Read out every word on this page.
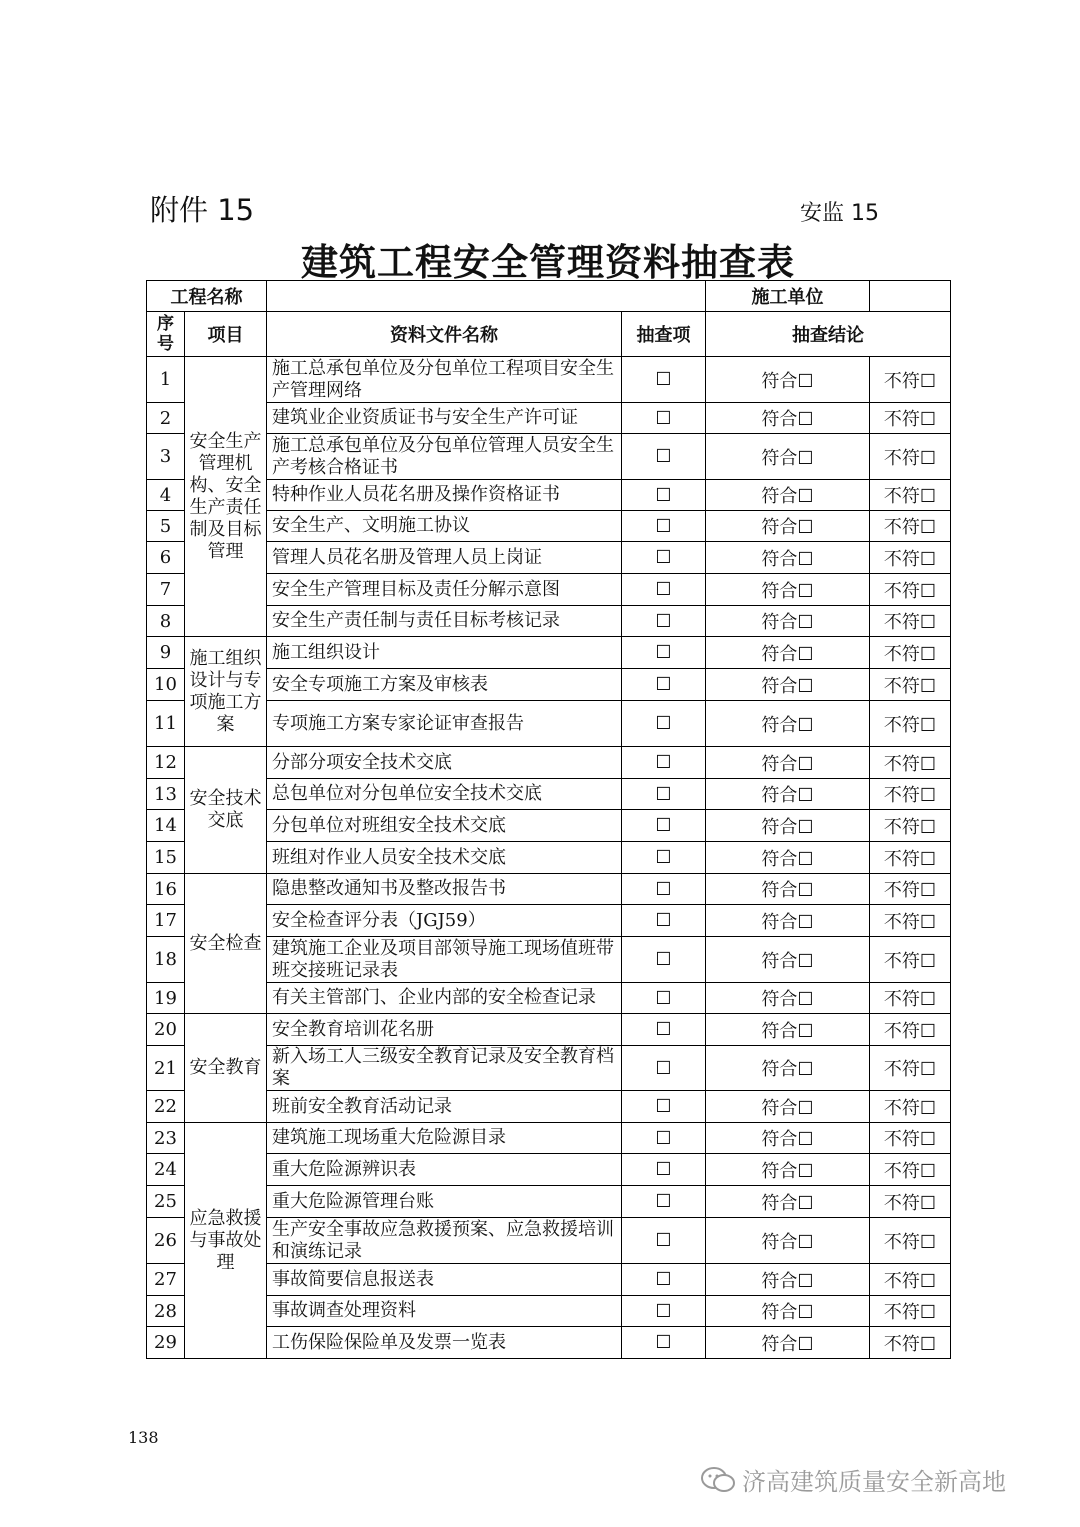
附件 15	安监 15
建筑工程安全管理资料抽查表
工程名称				施工单位	

序号	项目	资料文件名称	抽查项	抽查结论	
1	安全生产管理机构、安全生产责任制及目标管理	施工总承包单位及分包单位工程项目安全生产管理网络	☐	符合☐	不符☐
2		建筑业企业资质证书与安全生产许可证	☐	符合☐	不符☐
3		施工总承包单位及分包单位管理人员安全生产考核合格证书	☐	符合☐	不符☐
4		特种作业人员花名册及操作资格证书	☐	符合☐	不符☐
5		安全生产、文明施工协议	☐	符合☐	不符☐
6		管理人员花名册及管理人员上岗证	☐	符合☐	不符☐
7		安全生产管理目标及责任分解示意图	☐	符合☐	不符☐
8		安全生产责任制与责任目标考核记录	☐	符合☐	不符☐
9	施工组织设计与专项施工方案	施工组织设计	☐	符合☐	不符☐
10		安全专项施工方案及审核表	☐	符合☐	不符☐
11		专项施工方案专家论证审查报告	☐	符合☐	不符☐
12	安全技术交底	分部分项安全技术交底	☐	符合☐	不符☐
13		总包单位对分包单位安全技术交底	☐	符合☐	不符☐
14		分包单位对班组安全技术交底	☐	符合☐	不符☐
15		班组对作业人员安全技术交底	☐	符合☐	不符☐
16	安全检查	隐患整改通知书及整改报告书	☐	符合☐	不符☐
17		安全检查评分表（JGJ59）	☐	符合☐	不符☐
18		建筑施工企业及项目部领导施工现场值班带班交接班记录表	☐	符合☐	不符☐
19		有关主管部门、企业内部的安全检查记录	☐	符合☐	不符☐
20	安全教育	安全教育培训花名册	☐	符合☐	不符☐
21		新入场工人三级安全教育记录及安全教育档案	☐	符合☐	不符☐
22		班前安全教育活动记录	☐	符合☐	不符☐
23	应急救援与事故处理	建筑施工现场重大危险源目录	☐	符合☐	不符☐
24		重大危险源辨识表	☐	符合☐	不符☐
25		重大危险源管理台账	☐	符合☐	不符☐
26		生产安全事故应急救援预案、应急救援培训和演练记录	☐	符合☐	不符☐
27		事故简要信息报送表	☐	符合☐	不符☐
28		事故调查处理资料	☐	符合☐	不符☐
29		工伤保险保险单及发票一览表	☐	符合☐	不符☐
138
济高建筑质量安全新高地
